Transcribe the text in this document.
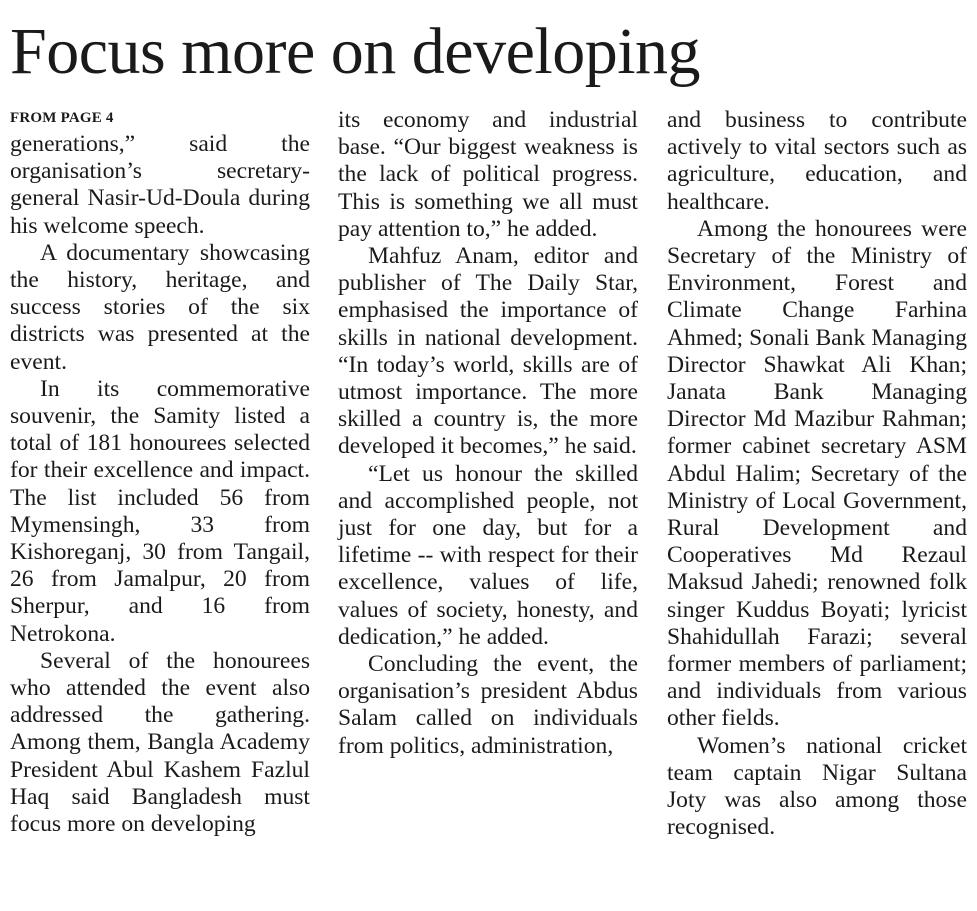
Focus more on developing
FROM PAGE 4

generations,” said the organisation’s secretary-general Nasir-Ud-Doula during his welcome speech.

A documentary showcasing the history, heritage, and success stories of the six districts was presented at the event.

In its commemorative souvenir, the Samity listed a total of 181 honourees selected for their excellence and impact. The list included 56 from Mymensingh, 33 from Kishoreganj, 30 from Tangail, 26 from Jamalpur, 20 from Sherpur, and 16 from Netrokona.

Several of the honourees who attended the event also addressed the gathering. Among them, Bangla Academy President Abul Kashem Fazlul Haq said Bangladesh must focus more on developing

its economy and industrial base. “Our biggest weakness is the lack of political progress. This is something we all must pay attention to,” he added.

Mahfuz Anam, editor and publisher of The Daily Star, emphasised the importance of skills in national development. “In today’s world, skills are of utmost importance. The more skilled a country is, the more developed it becomes,” he said.

“Let us honour the skilled and accomplished people, not just for one day, but for a lifetime -- with respect for their excellence, values of life, values of society, honesty, and dedication,” he added.

Concluding the event, the organisation’s president Abdus Salam called on individuals from politics, administration,

and business to contribute actively to vital sectors such as agriculture, education, and healthcare.

Among the honourees were Secretary of the Ministry of Environment, Forest and Climate Change Farhina Ahmed; Sonali Bank Managing Director Shawkat Ali Khan; Janata Bank Managing Director Md Mazibur Rahman; former cabinet secretary ASM Abdul Halim; Secretary of the Ministry of Local Government, Rural Development and Cooperatives Md Rezaul Maksud Jahedi; renowned folk singer Kuddus Boyati; lyricist Shahidullah Farazi; several former members of parliament; and individuals from various other fields.

Women’s national cricket team captain Nigar Sultana Joty was also among those recognised.
